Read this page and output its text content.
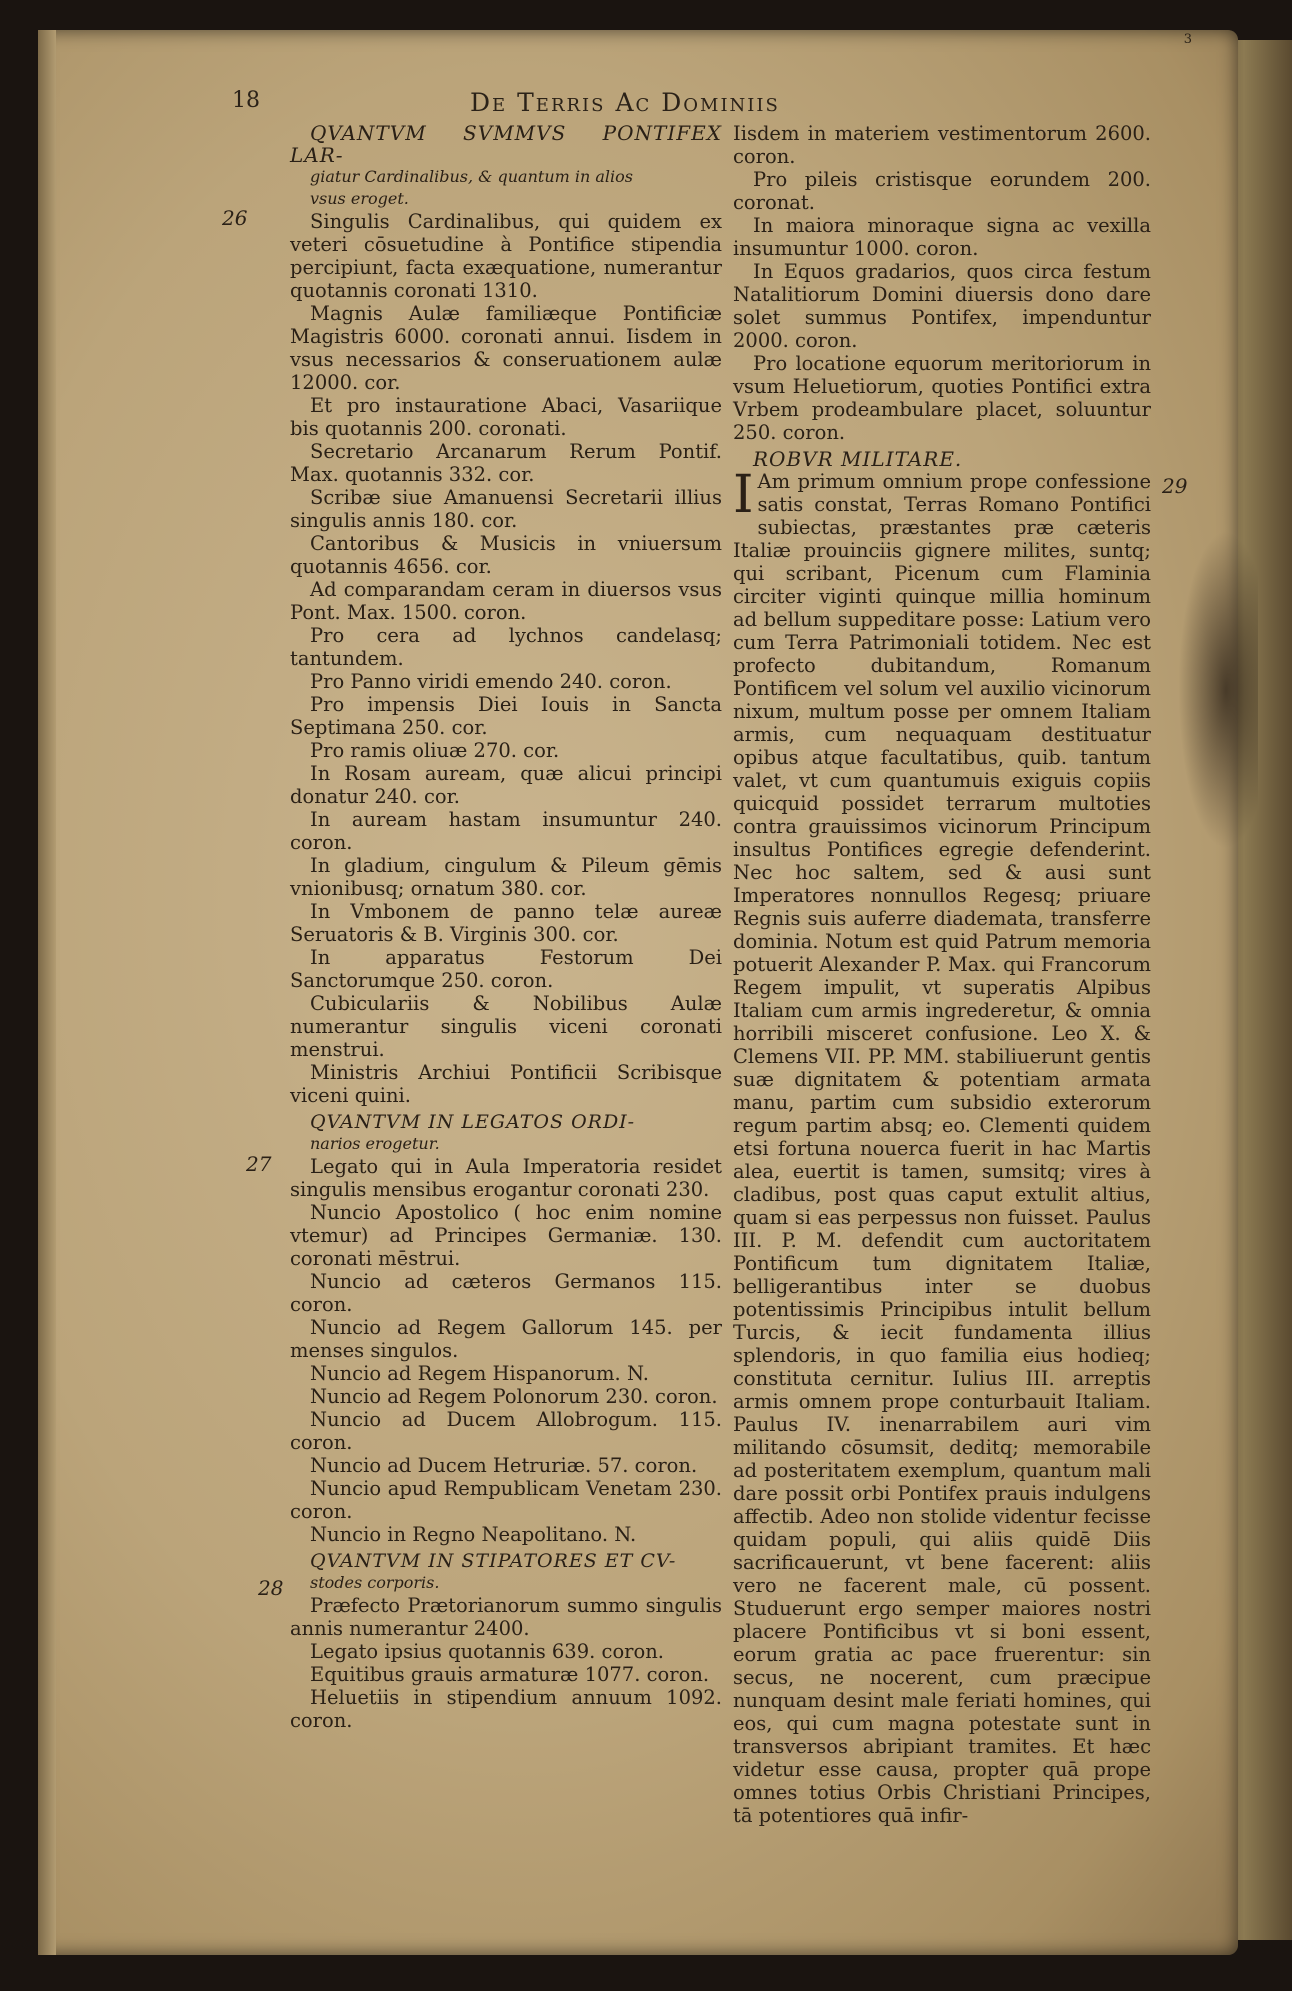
3
18	De Terris Ac Dominiis
26
27
28
29

QVANTVM SVMMVS PONTIFEX LAR-
giatur Cardinalibus, & quantum in alios
vsus eroget.

Singulis Cardinalibus, qui quidem ex veteri cōsuetudine à Pontifice stipendia percipiunt, facta exæquatione, numerantur quotannis coronati 1310.

Magnis Aulæ familiæque Pontificiæ Magistris 6000. coronati annui. Iisdem in vsus necessarios & conseruationem aulæ 12000. cor.

Et pro instauratione Abaci, Vasariique bis quotannis 200. coronati.

Secretario Arcanarum Rerum Pontif. Max. quotannis 332. cor.

Scribæ siue Amanuensi Secretarii illius singulis annis 180. cor.

Cantoribus & Musicis in vniuersum quotannis 4656. cor.

Ad comparandam ceram in diuersos vsus Pont. Max. 1500. coron.

Pro cera ad lychnos candelasq; tantundem.

Pro Panno viridi emendo 240. coron.

Pro impensis Diei Iouis in Sancta Septimana 250. cor.

Pro ramis oliuæ 270. cor.

In Rosam auream, quæ alicui principi donatur 240. cor.

In auream hastam insumuntur 240. coron.

In gladium, cingulum & Pileum gēmis vnionibusq; ornatum 380. cor.

In Vmbonem de panno telæ aureæ Seruatoris & B. Virginis 300. cor.

In apparatus Festorum Dei Sanctorumque 250. coron.

Cubiculariis & Nobilibus Aulæ numerantur singulis viceni coronati menstrui.

Ministris Archiui Pontificii Scribisque viceni quini.

QVANTVM IN LEGATOS ORDI-
narios erogetur.

Legato qui in Aula Imperatoria residet singulis mensibus erogantur coronati 230.

Nuncio Apostolico ( hoc enim nomine vtemur) ad Principes Germaniæ. 130. coronati mēstrui.

Nuncio ad cæteros Germanos 115. coron.

Nuncio ad Regem Gallorum 145. per menses singulos.

Nuncio ad Regem Hispanorum. N.

Nuncio ad Regem Polonorum 230. coron.

Nuncio ad Ducem Allobrogum. 115. coron.

Nuncio ad Ducem Hetruriæ. 57. coron.

Nuncio apud Rempublicam Venetam 230. coron.

Nuncio in Regno Neapolitano. N.

QVANTVM IN STIPATORES ET CV-
stodes corporis.

Præfecto Prætorianorum summo singulis annis numerantur 2400.

Legato ipsius quotannis 639. coron.

Equitibus grauis armaturæ 1077. coron.

Heluetiis in stipendium annuum 1092. coron.

Iisdem in materiem vestimentorum 2600. coron.

Pro pileis cristisque eorundem 200. coronat.

In maiora minoraque signa ac vexilla insumuntur 1000. coron.

In Equos gradarios, quos circa festum Natalitiorum Domini diuersis dono dare solet summus Pontifex, impenduntur 2000. coron.

Pro locatione equorum meritoriorum in vsum Heluetiorum, quoties Pontifici extra Vrbem prodeambulare placet, soluuntur 250. coron.

ROBVR MILITARE.

I Am primum omnium prope confessione satis constat, Terras Romano Pontifici subiectas, præstantes præ cæteris Italiæ prouinciis gignere milites, suntq; qui scribant, Picenum cum Flaminia circiter viginti quinque millia hominum ad bellum suppeditare posse: Latium vero cum Terra Patrimoniali totidem. Nec est profecto dubitandum, Romanum Pontificem vel solum vel auxilio vicinorum nixum, multum posse per omnem Italiam armis, cum nequaquam destituatur opibus atque facultatibus, quib. tantum valet, vt cum quantumuis exiguis copiis quicquid possidet terrarum multoties contra grauissimos vicinorum Principum insultus Pontifices egregie defenderint. Nec hoc saltem, sed & ausi sunt Imperatores nonnullos Regesq; priuare Regnis suis auferre diademata, transferre dominia. Notum est quid Patrum memoria potuerit Alexander P. Max. qui Francorum Regem impulit, vt superatis Alpibus Italiam cum armis ingrederetur, & omnia horribili misceret confusione. Leo X. & Clemens VII. PP. MM. stabiliuerunt gentis suæ dignitatem & potentiam armata manu, partim cum subsidio exterorum regum partim absq; eo. Clementi quidem etsi fortuna nouerca fuerit in hac Martis alea, euertit is tamen, sumsitq; vires à cladibus, post quas caput extulit altius, quam si eas perpessus non fuisset. Paulus III. P. M. defendit cum auctoritatem Pontificum tum dignitatem Italiæ, belligerantibus inter se duobus potentissimis Principibus intulit bellum Turcis, & iecit fundamenta illius splendoris, in quo familia eius hodieq; constituta cernitur. Iulius III. arreptis armis omnem prope conturbauit Italiam. Paulus IV. inenarrabilem auri vim militando cōsumsit, deditq; memorabile ad posteritatem exemplum, quantum mali dare possit orbi Pontifex prauis indulgens affectib. Adeo non stolide videntur fecisse quidam populi, qui aliis quidē Diis sacrificauerunt, vt bene facerent: aliis vero ne facerent male, cū possent. Studuerunt ergo semper maiores nostri placere Pontificibus vt si boni essent, eorum gratia ac pace fruerentur: sin secus, ne nocerent, cum præcipue nunquam desint male feriati homines, qui eos, qui cum magna potestate sunt in transversos abripiant tramites. Et hæc videtur esse causa, propter quā prope omnes totius Orbis Christiani Principes, tā potentiores quā infir-
